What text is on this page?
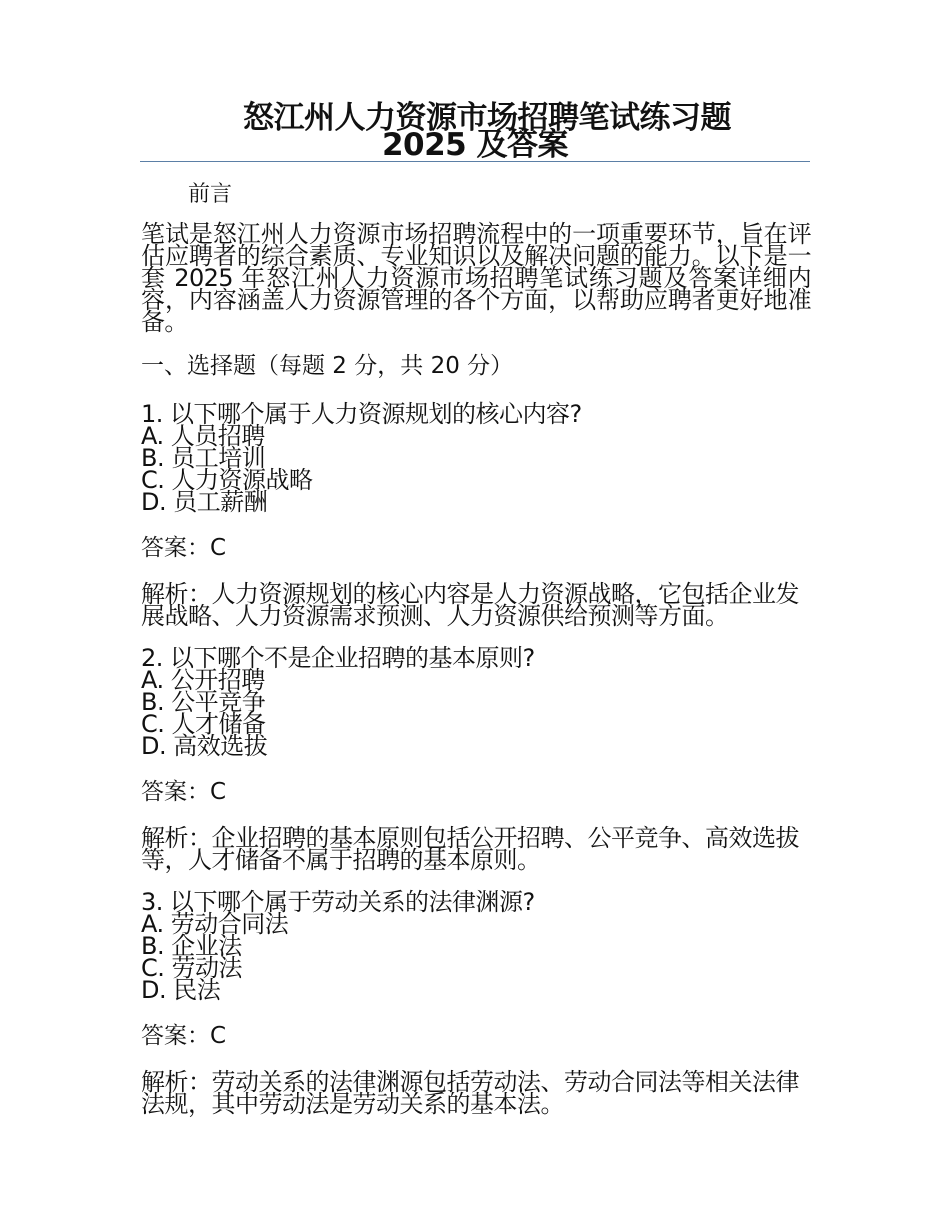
怒江州人力资源市场招聘笔试练习题
2025 及答案
前言

笔试是怒江州人力资源市场招聘流程中的一项重要环节，旨在评估应聘者的综合素质、专业知识以及解决问题的能力。以下是一套 2025 年怒江州人力资源市场招聘笔试练习题及答案详细内容，内容涵盖人力资源管理的各个方面，以帮助应聘者更好地准备。

一、选择题（每题 2 分，共 20 分）
1. 以下哪个属于人力资源规划的核心内容?
A. 人员招聘
B. 员工培训
C. 人力资源战略
D. 员工薪酬
答案：C

解析：人力资源规划的核心内容是人力资源战略，它包括企业发展战略、人力资源需求预测、人力资源供给预测等方面。

2. 以下哪个不是企业招聘的基本原则?
A. 公开招聘
B. 公平竞争
C. 人才储备
D. 高效选拔
答案：C

解析：企业招聘的基本原则包括公开招聘、公平竞争、高效选拔等，人才储备不属于招聘的基本原则。

3. 以下哪个属于劳动关系的法律渊源?
A. 劳动合同法
B. 企业法
C. 劳动法
D. 民法
答案：C

解析：劳动关系的法律渊源包括劳动法、劳动合同法等相关法律法规，其中劳动法是劳动关系的基本法。
